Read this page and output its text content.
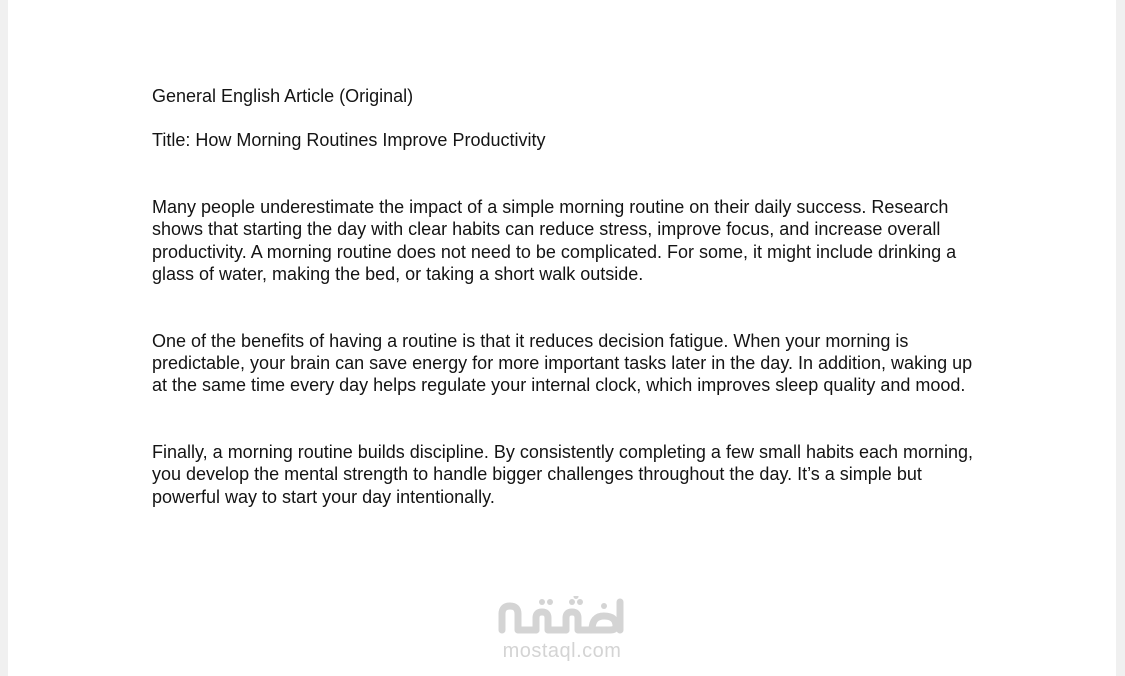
General English Article (Original)

Title: How Morning Routines Improve Productivity

Many people underestimate the impact of a simple morning routine on their daily success. Research shows that starting the day with clear habits can reduce stress, improve focus, and increase overall productivity. A morning routine does not need to be complicated. For some, it might include drinking a glass of water, making the bed, or taking a short walk outside.

One of the benefits of having a routine is that it reduces decision fatigue. When your morning is predictable, your brain can save energy for more important tasks later in the day. In addition, waking up at the same time every day helps regulate your internal clock, which improves sleep quality and mood.

Finally, a morning routine builds discipline. By consistently completing a few small habits each morning, you develop the mental strength to handle bigger challenges throughout the day. It’s a simple but powerful way to start your day intentionally.

mostaql.com
